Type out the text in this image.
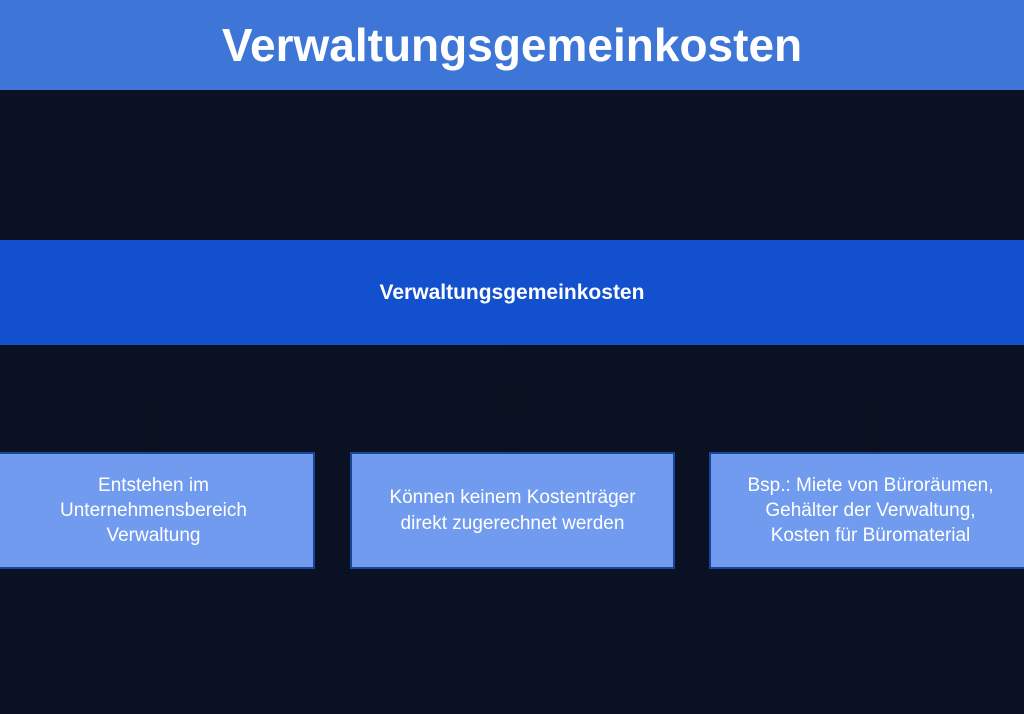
Verwaltungsgemeinkosten
Verwaltungsgemeinkosten
Entstehen im
Unternehmensbereich
Verwaltung
Können keinem Kostenträger
direkt zugerechnet werden
Bsp.: Miete von Büroräumen,
Gehälter der Verwaltung,
Kosten für Büromaterial
